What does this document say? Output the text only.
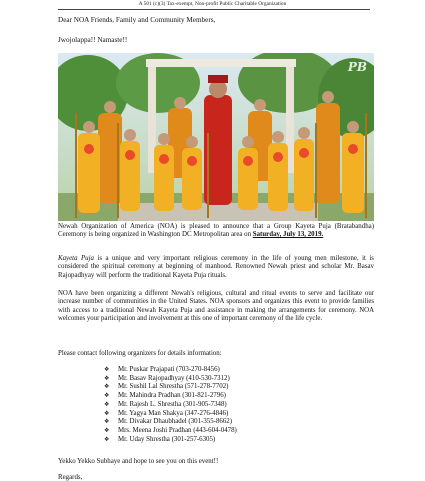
A 501 (c)(3) Tax-exempt, Non-profit Public Charitable Organization
Dear NOA Friends, Family and Community Members,
Jwojolappa!! Namaste!!
PB

Newah Organization of America (NOA) is pleased to announce that a Group Kayeta Puja (Bratabandha) Ceremony is being organized in Washington DC Metropolitan area on Saturday, July 13, 2019.

Kayeta Puja is a unique and very important religious ceremony in the life of young men milestone, it is considered the spiritual ceremony at beginning of manhood. Renowned Newah priest and scholar Mr. Basav Rajopadhyay will perform the traditional Kayeta Puja rituals.

NOA have been organizing a different Newah's religious, cultural and ritual events to serve and facilitate our increase number of communities in the United States. NOA sponsors and organizes this event to provide families with access to a traditional Newah Kayeta Puja and assistance in making the arrangements for ceremony. NOA welcomes your participation and involvement at this one of important ceremony of the life cycle.

Please contact following organizers for details information:

❖	Mr. Puskar Prajapati (703-270-8456)
❖	Mr. Basav Rajopadhyay (410-530-7312)
❖	Mr. Sushil Lal Shrestha (571-278-7702)
❖	Mr. Mahindra Pradhan (301-821-2796)
❖	Mr. Rajesh L. Shrestha (301-905-7348)
❖	Mr. Yagya Man Shakya (347-276-4846)
❖	Mr. Divakar Dhaubhadel (301-355-8662)
❖	Mrs. Meena Joshi Pradhan (443-604-0478)
❖	Mr. Uday Shrestha (301-257-6305)
Yekko Yekko Subhaye and hope to see you on this event!!
Regards,
